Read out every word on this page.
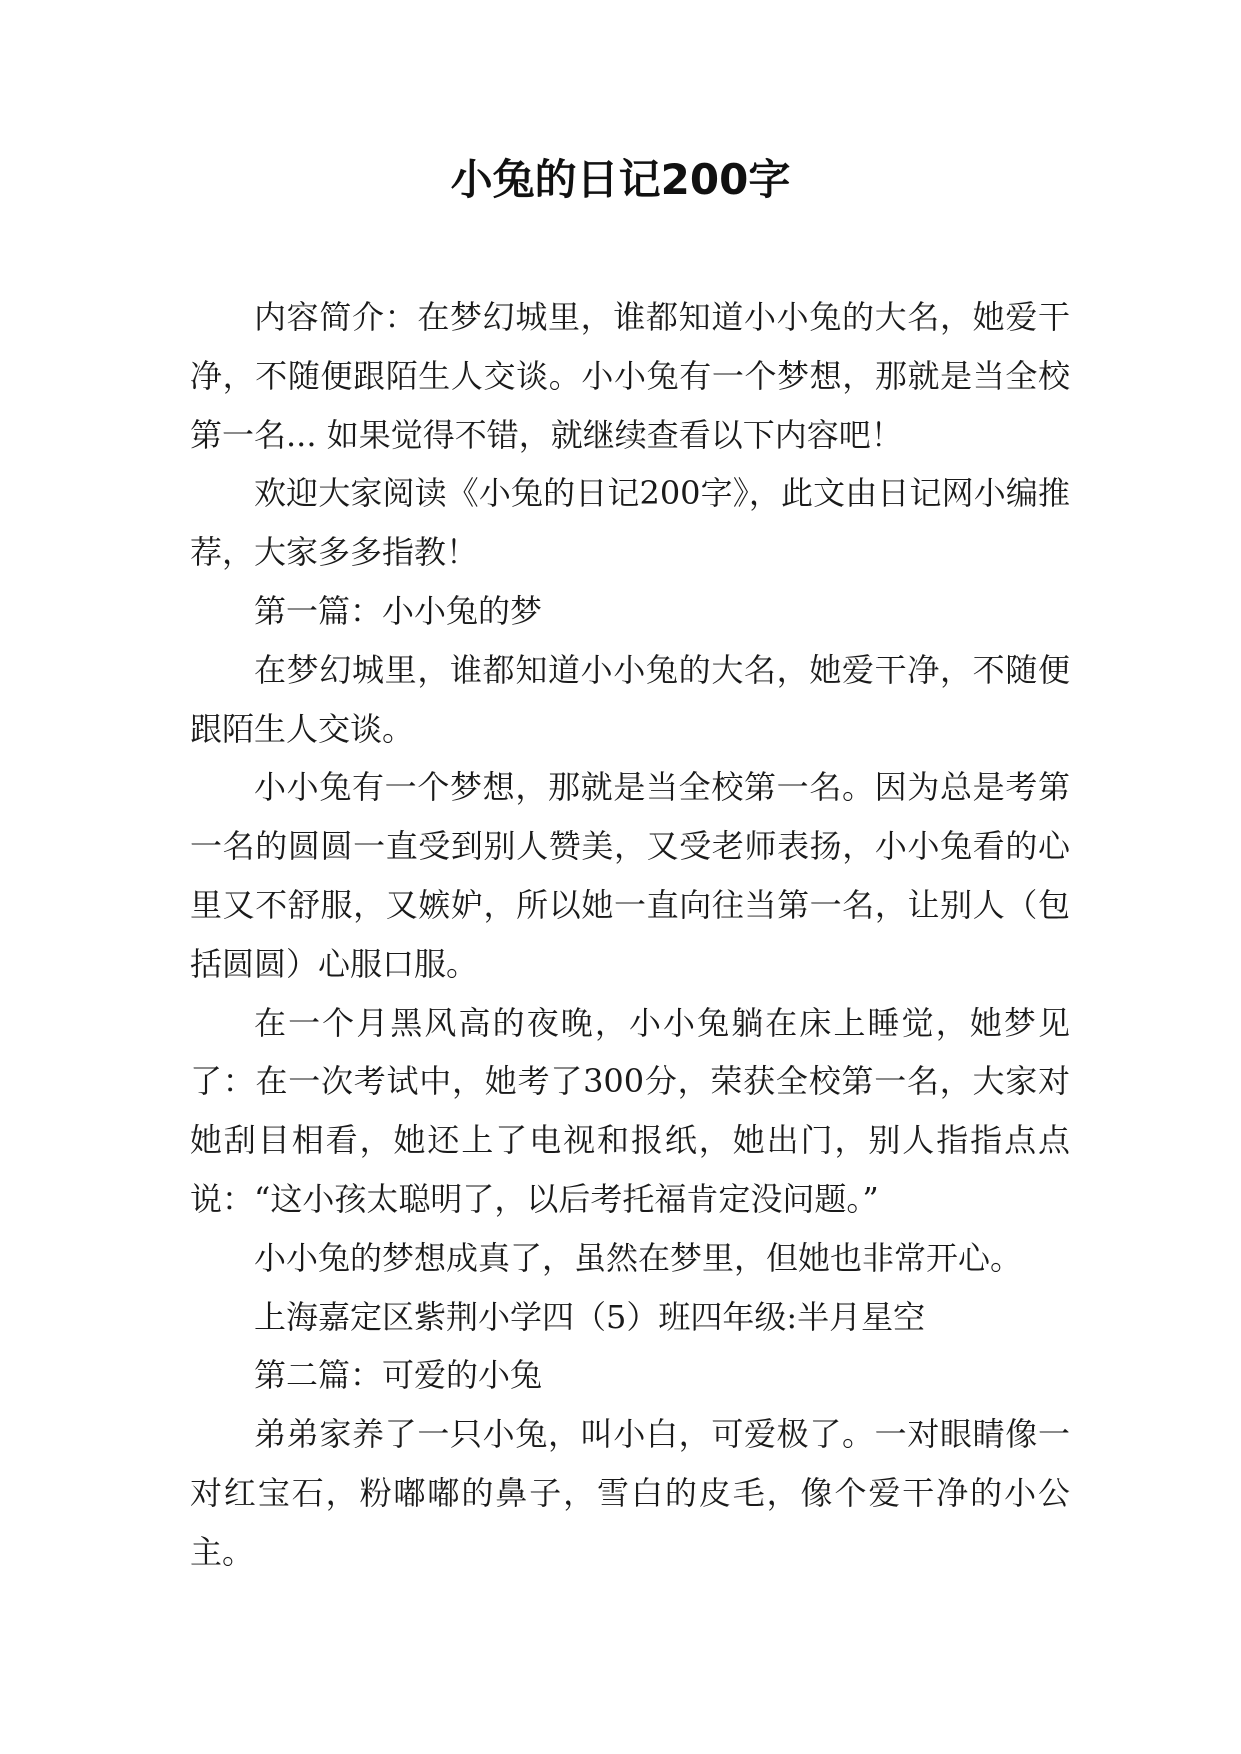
小兔的日记200字

内容简介：在梦幻城里，谁都知道小小兔的大名，她爱干净，不随便跟陌生人交谈。小小兔有一个梦想，那就是当全校第一名... 如果觉得不错，就继续查看以下内容吧！

欢迎大家阅读《小兔的日记200字》，此文由日记网小编推荐，大家多多指教！

第一篇：小小兔的梦

在梦幻城里，谁都知道小小兔的大名，她爱干净，不随便跟陌生人交谈。

小小兔有一个梦想，那就是当全校第一名。因为总是考第一名的圆圆一直受到别人赞美，又受老师表扬，小小兔看的心里又不舒服，又嫉妒，所以她一直向往当第一名，让别人（包括圆圆）心服口服。

在一个月黑风高的夜晚，小小兔躺在床上睡觉，她梦见了：在一次考试中，她考了300分，荣获全校第一名，大家对她刮目相看，她还上了电视和报纸，她出门，别人指指点点说：“这小孩太聪明了，以后考托福肯定没问题。”

小小兔的梦想成真了，虽然在梦里，但她也非常开心。

上海嘉定区紫荆小学四（5）班四年级:半月星空

第二篇：可爱的小兔

弟弟家养了一只小兔，叫小白，可爱极了。一对眼睛像一对红宝石，粉嘟嘟的鼻子，雪白的皮毛，像个爱干净的小公主。
